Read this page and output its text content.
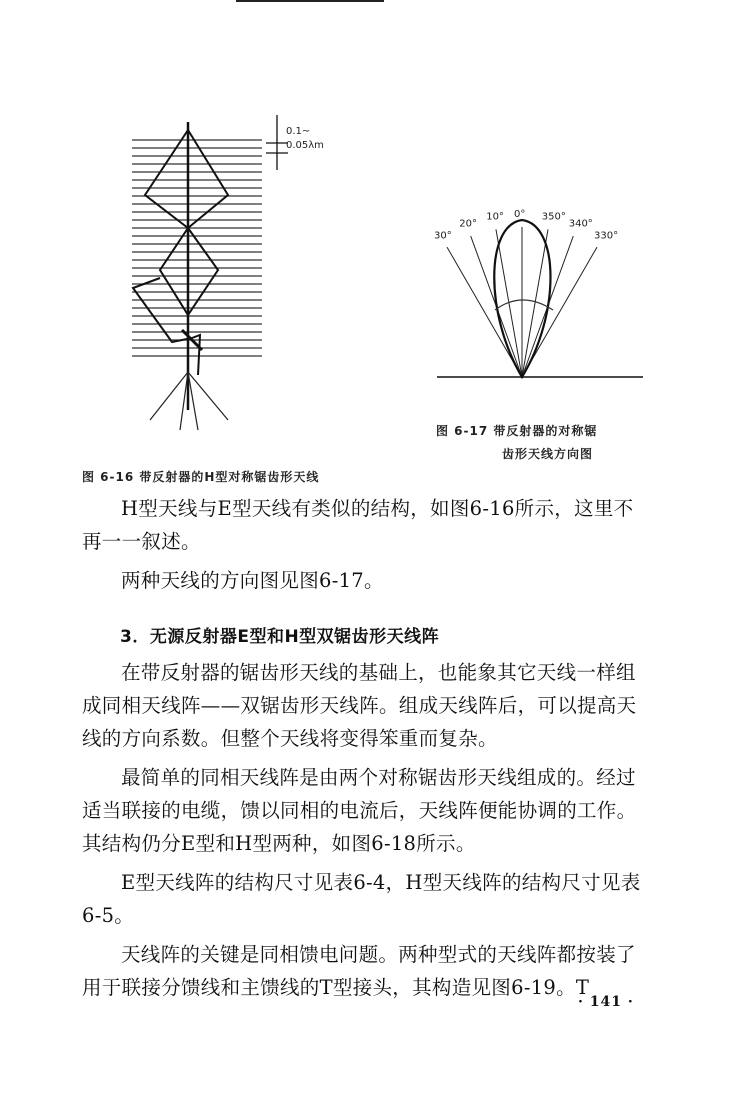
0.1~
0.05λm
30°
20°
10° 0° 350°
340°
330°
图 6-16 带反射器的H型对称锯齿形天线
图 6-17 带反射器的对称锯
齿形天线方向图

H型天线与E型天线有类似的结构，如图6-16所示，这里不再一一叙述。

两种天线的方向图见图6-17。

3．无源反射器E型和H型双锯齿形天线阵

在带反射器的锯齿形天线的基础上，也能象其它天线一样组成同相天线阵——双锯齿形天线阵。组成天线阵后，可以提高天线的方向系数。但整个天线将变得笨重而复杂。

最简单的同相天线阵是由两个对称锯齿形天线组成的。经过适当联接的电缆，馈以同相的电流后，天线阵便能协调的工作。其结构仍分E型和H型两种，如图6-18所示。

E型天线阵的结构尺寸见表6-4，H型天线阵的结构尺寸见表6-5。

天线阵的关键是同相馈电问题。两种型式的天线阵都按装了用于联接分馈线和主馈线的T型接头，其构造见图6-19。T

· 141 ·
